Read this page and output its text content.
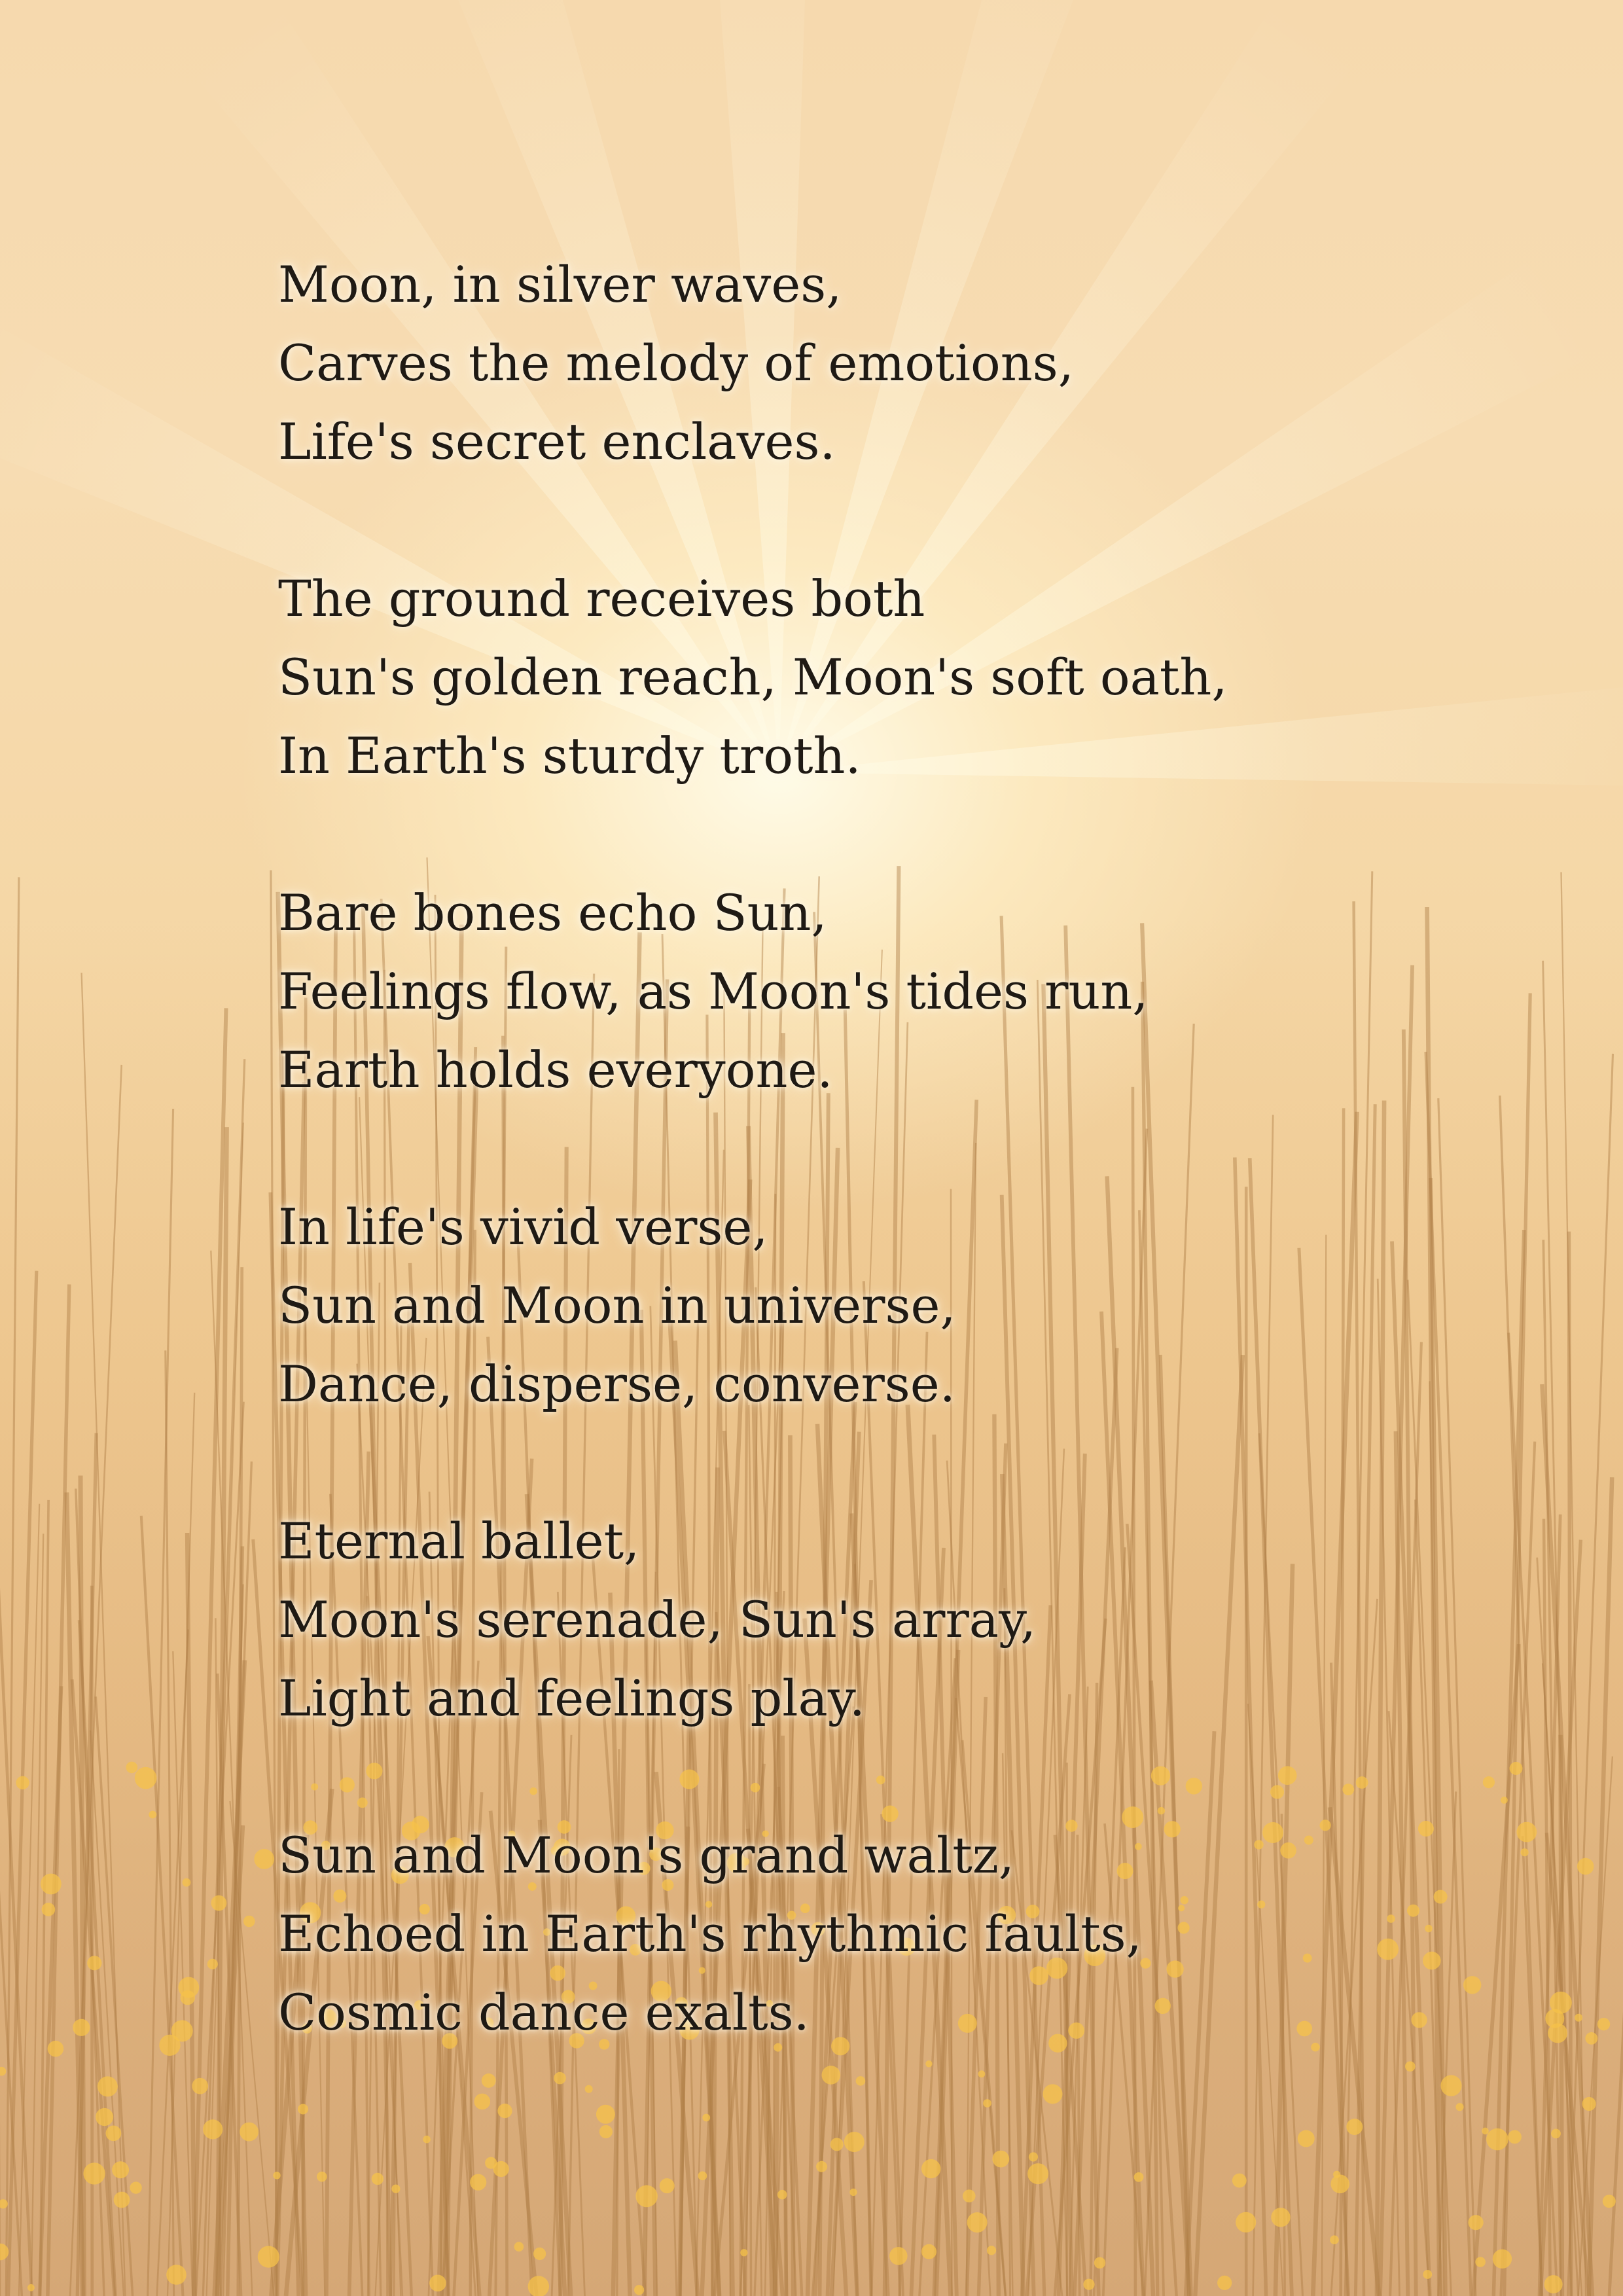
Moon, in silver waves,
Carves the melody of emotions,
Life's secret enclaves.
The ground receives both
Sun's golden reach, Moon's soft oath,
In Earth's sturdy troth.
Bare bones echo Sun,
Feelings flow, as Moon's tides run,
Earth holds everyone.
In life's vivid verse,
Sun and Moon in universe,
Dance, disperse, converse.
Eternal ballet,
Moon's serenade, Sun's array,
Light and feelings play.
Sun and Moon's grand waltz,
Echoed in Earth's rhythmic faults,
Cosmic dance exalts.
